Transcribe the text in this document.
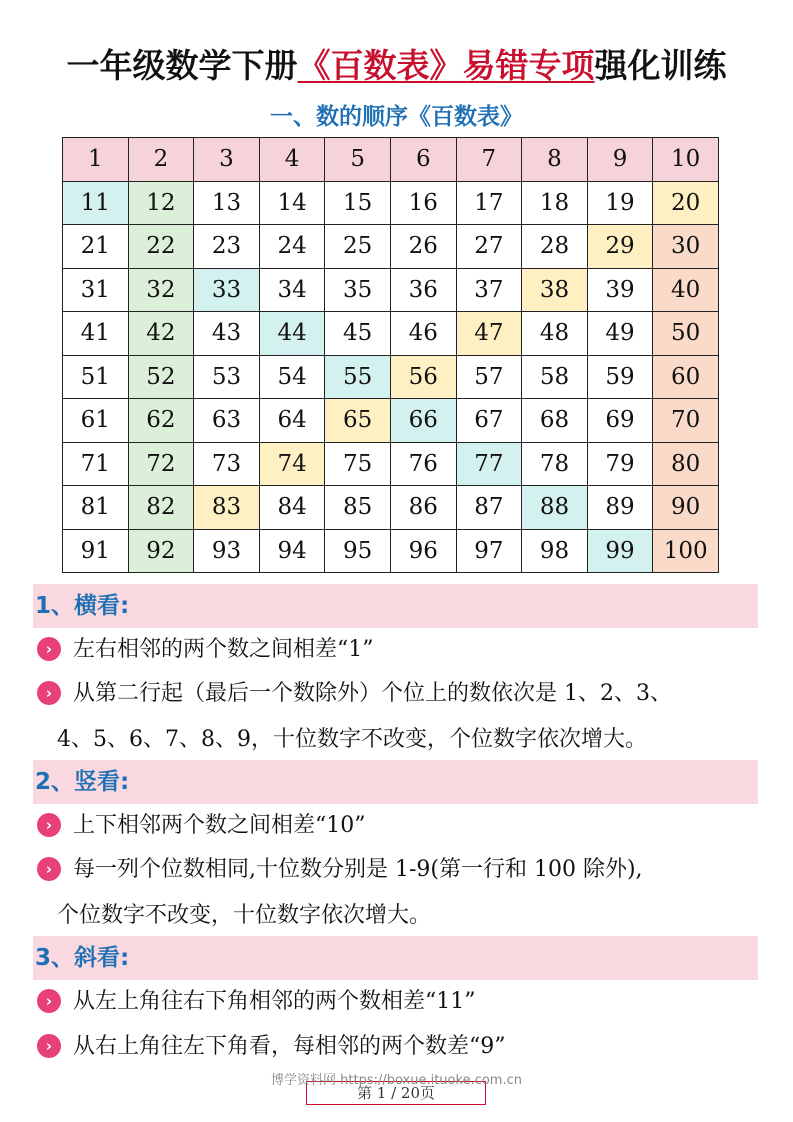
一年级数学下册《百数表》易错专项强化训练
一、数的顺序《百数表》
1	2	3	4	5	6	7	8	9	10
11	12	13	14	15	16	17	18	19	20
21	22	23	24	25	26	27	28	29	30
31	32	33	34	35	36	37	38	39	40
41	42	43	44	45	46	47	48	49	50
51	52	53	54	55	56	57	58	59	60
61	62	63	64	65	66	67	68	69	70
71	72	73	74	75	76	77	78	79	80
81	82	83	84	85	86	87	88	89	90
91	92	93	94	95	96	97	98	99	100
1、横看:
› 左右相邻的两个数之间相差“1”
› 从第二行起（最后一个数除外）个位上的数依次是 1、2、3、
4、5、6、7、8、9，十位数字不改变，个位数字依次增大。
2、竖看:
› 上下相邻两个数之间相差“10”
› 每一列个位数相同,十位数分别是 1-9(第一行和 100 除外),
个位数字不改变，十位数字依次增大。
3、斜看:
› 从左上角往右下角相邻的两个数相差“11”
› 从右上角往左下角看，每相邻的两个数差“9”
第 1 / 20页
博学资料网 https://boxue.ituoke.com.cn
